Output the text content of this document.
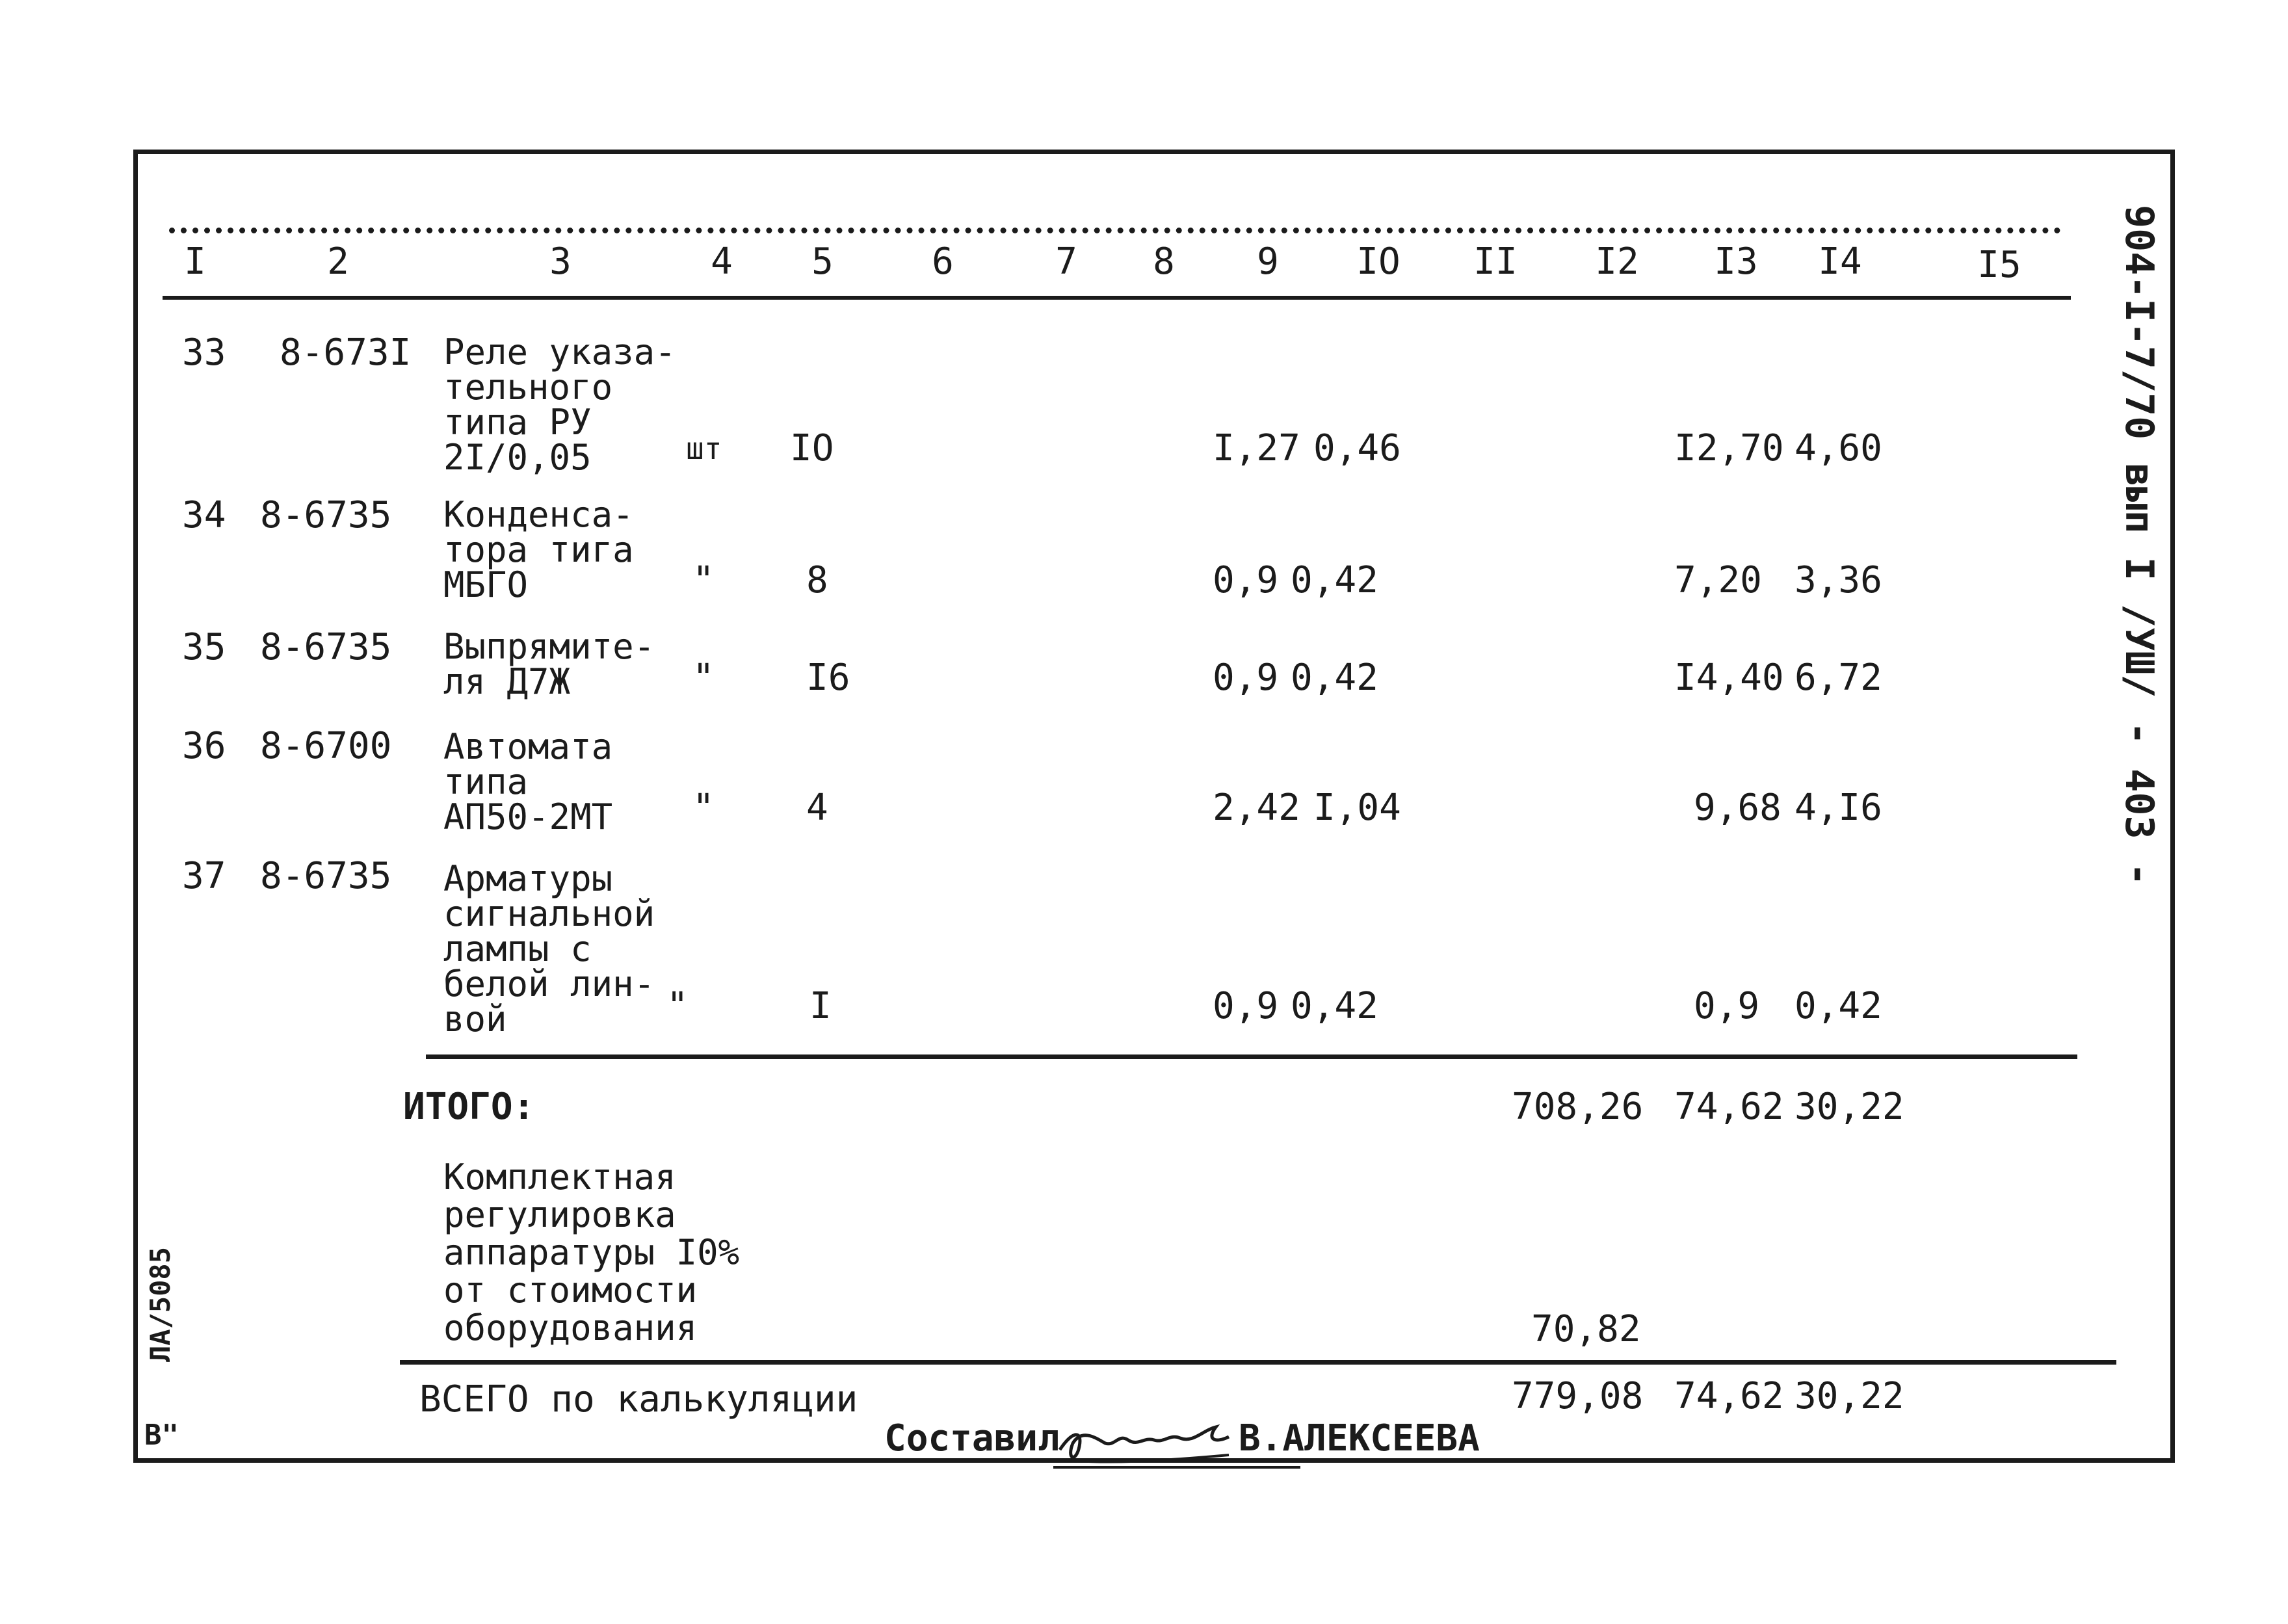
I	2	3	4 5	6	7 8 9 IO II I2 I3 I4	I5
33 8-673I Реле указа-
тельного
типа РУ
2I/0,05	шт IO	I,27 0,46	I2,70 4,60
34 8-6735 Конденса-
тора тига
МБГО	"	8	0,9 0,42	7,20 3,36
35 8-6735 Выпрямите-
ля Д7Ж	"	I6	0,9 0,42	I4,40 6,72
36 8-6700 Автомата
типа
АП50-2МТ "	4	2,42 I,04	9,68 4,I6
37 8-6735 Арматуры
сигнальной
лампы с
белой лин-
вой	"	I	0,9 0,42	0,9 0,42
ИТОГО:	708,26 74,62 30,22
Комплектная
регулировка
аппаратуры I0%
от стоимости
оборудования	70,82
ВСЕГО по калькуляции	779,08 74,62 30,22
Составил	В.АЛЕКСЕЕВА
904-I-7/70 вып I /УШ/
- 403 -
ЛА/5085
В"
